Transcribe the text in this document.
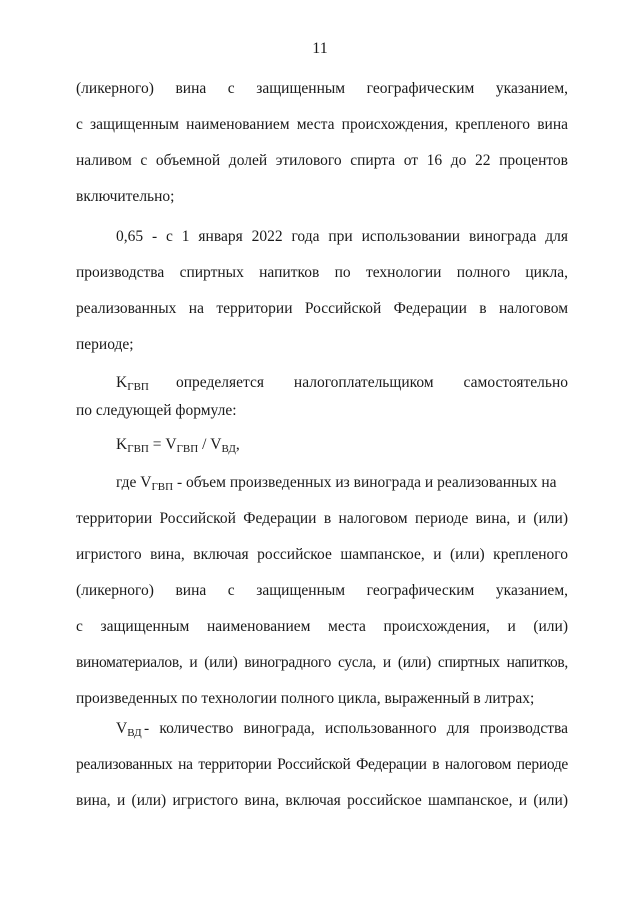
11
(ликерного) вина с защищенным географическим указанием,
с защищенным наименованием места происхождения, крепленого вина
наливом с объемной долей этилового спирта от 16 до 22 процентов
включительно;
0,65 - с 1 января 2022 года при использовании винограда для
производства спиртных напитков по технологии полного цикла,
реализованных на территории Российской Федерации в налоговом
периоде;
$K_{ГВП}$ определяется налогоплательщиком самостоятельно
по следующей формуле:
$K_{ГВП} = V_{ГВП} / V_{ВД}$,
где $V_{ГВП}$ - объем произведенных из винограда и реализованных на
территории Российской Федерации в налоговом периоде вина, и (или)
игристого вина, включая российское шампанское, и (или) крепленого
(ликерного) вина с защищенным географическим указанием,
с защищенным наименованием места происхождения, и (или)
виноматериалов, и (или) виноградного сусла, и (или) спиртных напитков,
произведенных по технологии полного цикла, выраженный в литрах;
$V_{ВД}$ - количество винограда, использованного для производства
реализованных на территории Российской Федерации в налоговом периоде
вина, и (или) игристого вина, включая российское шампанское, и (или)
